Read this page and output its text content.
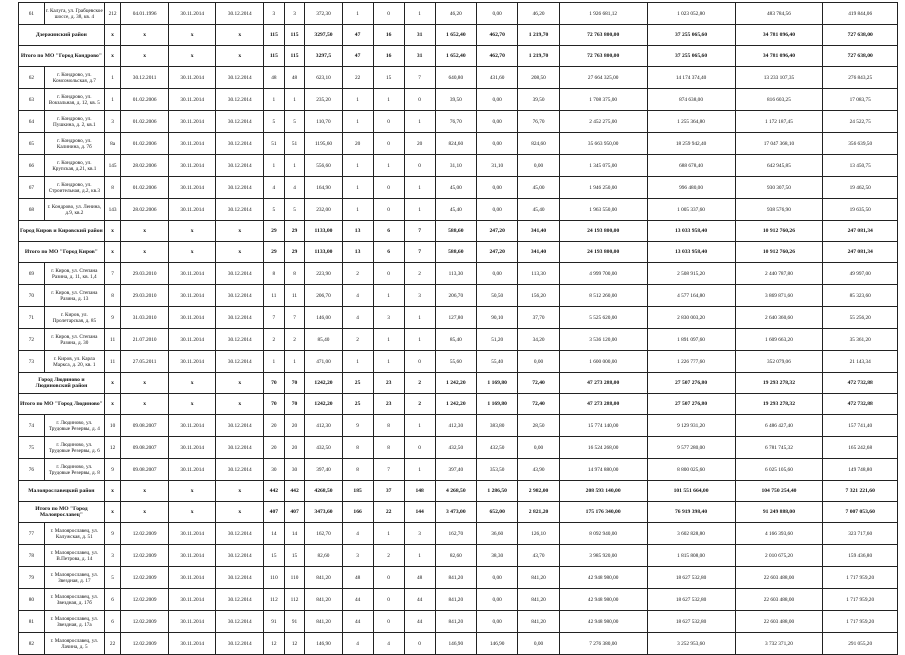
61	г. Калуга, ул. Грабцевское шоссе, д. 38, кв. 4	212	04.01.1996	30.11.2014	30.12.2014	3	3	372,30	1	0	1	46,20	0,00	46,20	1 926 681,12	1 023 052,80	483 784,56	419 844,06
Дзержинский район		х	х	х	х	115	115	3297,50	47	16	31	1 652,40	462,70	1 219,70	72 763 800,00	37 255 065,60	34 781 096,40	727 638,00
Итого по МО "Город Кондрово"		х	х	х	х	115	115	3297,5	47	16	31	1 652,40	462,70	1 219,70	72 763 800,00	37 255 065,60	34 781 096,40	727 638,00
62	г. Кондрово, ул. Комсомольская, д.7	1	30.12.2011	30.11.2014	30.12.2014	48	48	623,10	22	15	7	640,80	431,60	208,50	27 664 325,00	14 174 374,40	13 233 107,35	276 843,25
63	г. Кондрово, ул. Вокзальная, д. 12, кв. 5	1	01.02.2006	30.11.2014	30.12.2014	1	1	235,20	1	1	0	39,50	0,00	39,50	1 708 375,00	874 638,00	816 603,25	17 083,75
64	г. Кондрово, ул. Пушкина, д. 2, кв.1	3	01.02.2006	30.11.2014	30.12.2014	5	5	110,70	1	0	1	76,70	0,00	76,70	2 452 275,00	1 255 364,80	1 172 187,45	24 522,75
65	г. Кондрово, ул. Калинина, д. 7б	8а	01.02.2006	30.11.2014	30.12.2014	51	51	1195,60	20	0	20	824,60	0,00	824,60	35 663 950,00	18 259 942,40	17 047 368,10	356 639,50
66	г. Кондрово, ул. Крупская, д.21, кв.1	145	28.02.2006	30.11.2014	30.12.2014	1	1	556,60	1	1	0	31,10	31,10	0,00	1 345 075,00	688 678,40	642 945,85	13 450,75
67	г. Кондрово, ул. Строительная, д.2, кв.3	8	01.02.2006	30.11.2014	30.12.2014	4	4	164,90	1	0	1	45,00	0,00	45,00	1 946 250,00	996 480,00	930 307,50	19 462,50
68	г. Кондрово, ул. Ленина, д.9, кв.2	143	28.02.2006	30.11.2014	30.12.2014	5	5	232,00	1	0	1	45,40	0,00	45,40	1 963 550,00	1 005 337,60	938 576,90	19 635,50
Город Киров и Кировский район		х	х	х	х	29	29	1133,00	13	6	7	588,60	247,20	341,40	24 193 800,00	13 033 958,40	10 912 760,26	247 081,34
Итого по МО "Город Киров"		х	х	х	х	29	29	1133,00	13	6	7	588,60	247,20	341,40	24 193 800,00	13 033 958,40	10 912 760,26	247 081,34
69	г. Киров, ул. Степана Разина, д. 11, кв. 1,4	7	29.03.2010	30.11.2014	30.12.2014	8	8	223,90	2	0	2	113,30	0,00	113,30	4 999 700,00	2 508 915,20	2 440 787,80	49 997,00
70	г. Киров, ул. Степана Разина, д. 13	8	29.03.2010	30.11.2014	30.12.2014	11	11	206,70	4	1	3	206,70	50,50	156,20	8 512 260,00	4 577 164,80	3 869 871,60	85 323,60
71	г. Киров, ул. Пролетарская, д. 85	9	31.03.2010	30.11.2014	30.12.2014	7	7	146,00	4	3	1	127,80	90,10	37,70	5 525 620,00	2 830 003,20	2 640 360,60	55 256,20
72	г. Киров, ул. Степана Разина, д. 30	11	21.07.2010	30.11.2014	30.12.2014	2	2	85,40	2	1	1	85,40	51,20	34,20	3 536 120,00	1 891 097,60	1 609 663,20	35 361,20
73	г. Киров, ул. Карла Маркса, д. 20, кв. 1	11	27.05.2011	30.11.2014	30.12.2014	1	1	471,00	1	1	0	55,60	55,40	0,00	1 600 000,00	1 226 777,60	352 079,06	21 143,34
Город Людиново и Людиновский район		х	х	х	х	70	70	1242,20	25	23	2	1 242,20	1 169,80	72,40	47 273 288,00	27 507 276,80	19 293 278,32	472 732,88
Итого по МО "Город Людиново"		х	х	х	х	70	70	1242,20	25	23	2	1 242,20	1 169,80	72,40	47 273 288,00	27 507 276,80	19 293 278,32	472 732,88
74	г. Людиново, ул. Трудовые Резервы, д. 4	10	09.08.2007	30.11.2014	30.12.2014	20	20	412,30	9	8	1	412,30	383,80	28,50	15 774 140,00	9 129 931,20	6 486 427,40	157 741,40
75	г. Людиново, ул. Трудовые Резервы, д. 6	12	09.08.2007	30.11.2014	30.12.2014	20	20	432,50	8	8	0	432,50	432,50	0,00	16 524 268,00	9 577 280,00	6 781 745,32	165 242,68
76	г. Людиново, ул. Трудовые Резервы, д. 8	9	09.08.2007	30.11.2014	30.12.2014	30	30	397,40	8	7	1	397,40	353,50	43,90	14 974 880,00	8 800 025,60	6 025 105,60	149 748,80
Малоярославецкий район		х	х	х	х	442	442	4268,50	185	37	148	4 268,50	1 286,50	2 982,00	208 593 140,00	101 551 664,00	104 750 254,40	7 321 221,60
Итого по МО "Город Малоярославец"		х	х	х	х	407	407	3473,60	166	22	144	3 473,00	652,00	2 821,20	175 176 340,00	76 919 398,40	91 249 888,00	7 007 053,60
77	г. Малоярославец, ул. Калужская, д. 51	9	12.02.2009	30.11.2014	30.12.2014	14	14	162,70	4	1	3	162,70	36,60	126,10	8 092 940,00	3 602 828,80	4 166 393,60	323 717,60
78	г. Малоярославец, ул. В.Петрова, д. 14	3	12.02.2009	30.11.2014	30.12.2014	15	15	82,60	3	2	1	82,60	38,30	43,70	3 985 920,00	1 815 808,00	2 010 675,20	159 436,80
79	г. Малоярославец, ул. Звездная, д. 17	5	12.02.2009	30.11.2014	30.12.2014	110	110	841,20	48	0	48	841,20	0,00	841,20	42 948 980,00	18 627 532,80	22 603 488,00	1 717 959,20
80	г. Малоярославец, ул. Звездная, д. 17б	6	12.02.2009	30.11.2014	30.12.2014	112	112	841,20	44	0	44	841,20	0,00	841,20	42 948 980,00	18 627 532,80	22 603 488,00	1 717 959,20
81	г. Малоярославец, ул. Звездная, д. 17а	6	12.02.2009	30.11.2014	30.12.2014	91	91	841,20	44	0	44	841,20	0,00	841,20	42 948 980,00	18 627 532,80	22 603 488,00	1 717 959,20
82	г. Малоярославец, ул. Лачина, д. 5	22	12.02.2009	30.11.2014	30.12.2014	12	12	146,90	4	4	0	146,90	146,90	0,00	7 276 380,00	3 252 953,60	3 732 371,20	291 055,20
